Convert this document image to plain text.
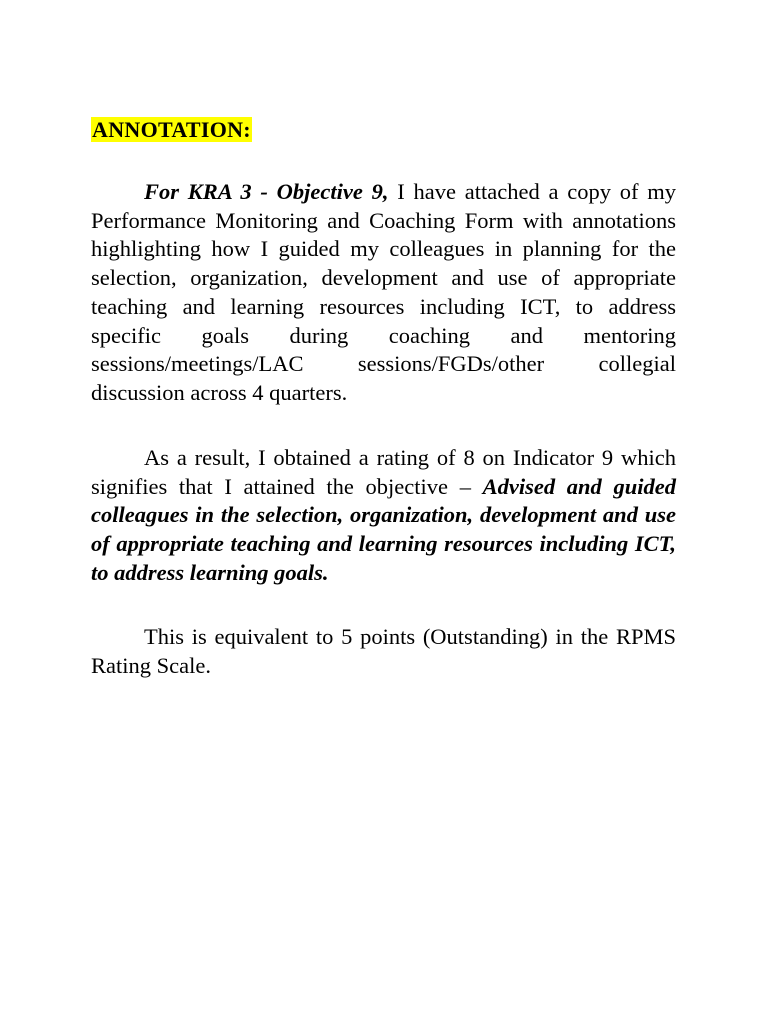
ANNOTATION:

For KRA 3 - Objective 9, I have attached a copy of my Performance Monitoring and Coaching Form with annotations highlighting how I guided my colleagues in planning for the selection, organization, development and use of appropriate teaching and learning resources including ICT, to address specific goals during coaching and mentoring sessions/meetings/LAC sessions/FGDs/other collegial discussion across 4 quarters.

As a result, I obtained a rating of 8 on Indicator 9 which signifies that I attained the objective – Advised and guided colleagues in the selection, organization, development and use of appropriate teaching and learning resources including ICT, to address learning goals.

This is equivalent to 5 points (Outstanding) in the RPMS Rating Scale.
